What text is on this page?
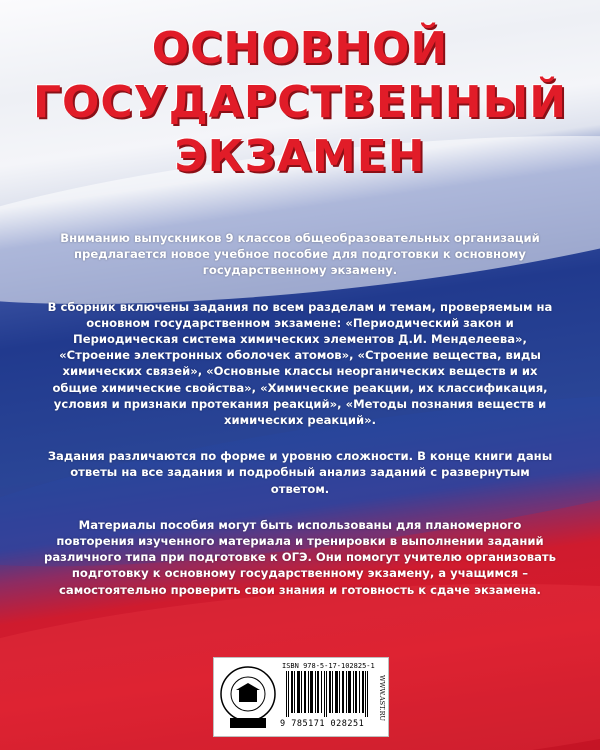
ОСНОВНОЙ
ГОСУДАРСТВЕННЫЙ
ЭКЗАМЕН

Вниманию выпускников 9 классов общеобразовательных организаций предлагается новое учебное пособие для подготовки к основному государственному экзамену.

В сборник включены задания по всем разделам и темам, проверяемым на основном государственном экзамене: «Периодический закон и Периодическая система химических элементов Д.И. Менделеева», «Строение электронных оболочек атомов», «Строение вещества, виды химических связей», «Основные классы неорганических веществ и их общие химические свойства», «Химические реакции, их классификация, условия и признаки протекания реакций», «Методы познания веществ и химических реакций».

Задания различаются по форме и уровню сложности. В конце книги даны ответы на все задания и подробный анализ заданий с развернутым ответом.

Материалы пособия могут быть использованы для планомерного повторения изученного материала и тренировки в выполнении заданий различного типа при подготовке к ОГЭ. Они помогут учителю организовать подготовку к основному государственному экзамену, а учащимся – самостоятельно проверить свои знания и готовность к сдаче экзамена.

ISBN 978-5-17-102825-1

9 785171 028251

WWW.AST.RU
